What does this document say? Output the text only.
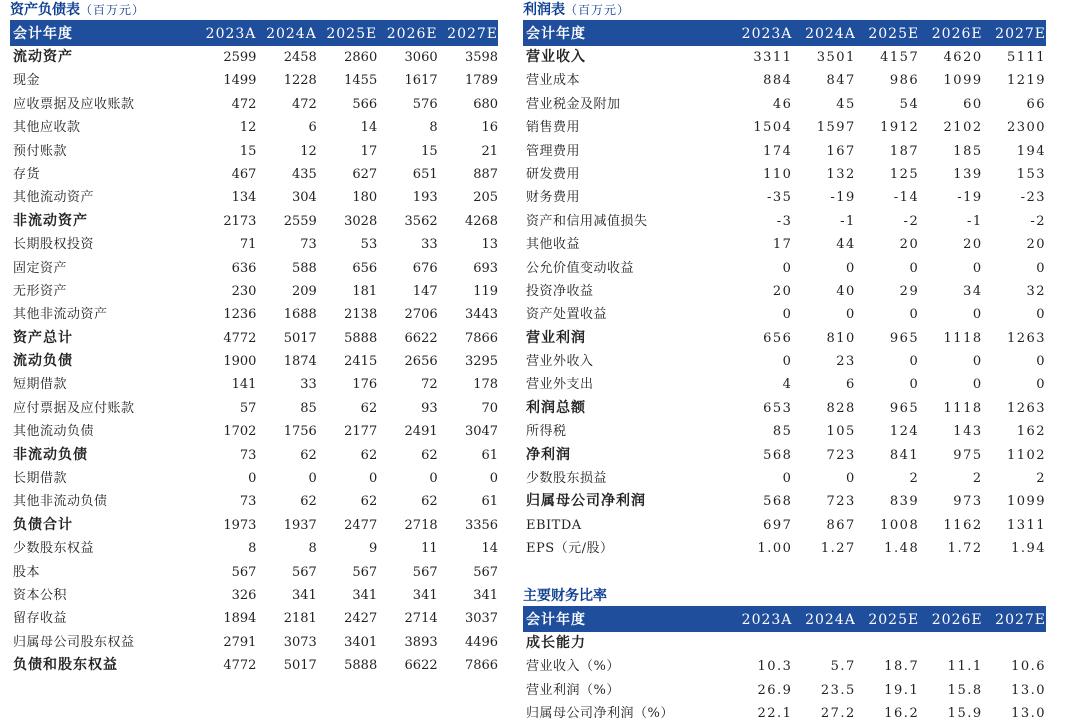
资产负债表（百万元）
会计年度	2023A 2024A 2025E 2026E 2027E
流动资产	2599	2458	2860	3060	3598
现金	1499	1228	1455	1617	1789
应收票据及应收账款	472	472	566	576	680
其他应收款	12	6	14	8	16
预付账款	15	12	17	15	21
存货	467	435	627	651	887
其他流动资产	134	304	180	193	205
非流动资产	2173	2559	3028	3562	4268
长期股权投资	71	73	53	33	13
固定资产	636	588	656	676	693
无形资产	230	209	181	147	119
其他非流动资产	1236	1688	2138	2706	3443
资产总计	4772	5017	5888	6622	7866
流动负债	1900	1874	2415	2656	3295
短期借款	141	33	176	72	178
应付票据及应付账款	57	85	62	93	70
其他流动负债	1702	1756	2177	2491	3047
非流动负债	73	62	62	62	61
长期借款	0	0	0	0	0
其他非流动负债	73	62	62	62	61
负债合计	1973	1937	2477	2718	3356
少数股东权益	8	8	9	11	14
股本	567	567	567	567	567
资本公积	326	341	341	341	341
留存收益	1894	2181	2427	2714	3037
归属母公司股东权益	2791	3073	3401	3893	4496
负债和股东权益	4772	5017	5888	6622	7866
利润表（百万元）
会计年度	2023A 2024A 2025E 2026E 2027E
营业收入	3311	3501	4157	4620	5111
营业成本	884	847	986	1099	1219
营业税金及附加	46	45	54	60	66
销售费用	1504	1597	1912	2102	2300
管理费用	174	167	187	185	194
研发费用	110	132	125	139	153
财务费用	-35	-19	-14	-19	-23
资产和信用减值损失	-3	-1	-2	-1	-2
其他收益	17	44	20	20	20
公允价值变动收益	0	0	0	0	0
投资净收益	20	40	29	34	32
资产处置收益	0	0	0	0	0
营业利润	656	810	965	1118	1263
营业外收入	0	23	0	0	0
营业外支出	4	6	0	0	0
利润总额	653	828	965	1118	1263
所得税	85	105	124	143	162
净利润	568	723	841	975	1102
少数股东损益	0	0	2	2	2
归属母公司净利润	568	723	839	973	1099
EBITDA	697	867	1008	1162	1311
EPS（元/股）	1.00	1.27	1.48	1.72	1.94
主要财务比率
会计年度	2023A 2024A 2025E 2026E 2027E
成长能力
营业收入（%）	10.3	5.7	18.7	11.1	10.6
营业利润（%）	26.9	23.5	19.1	15.8	13.0
归属母公司净利润（%）	22.1	27.2	16.2	15.9	13.0
